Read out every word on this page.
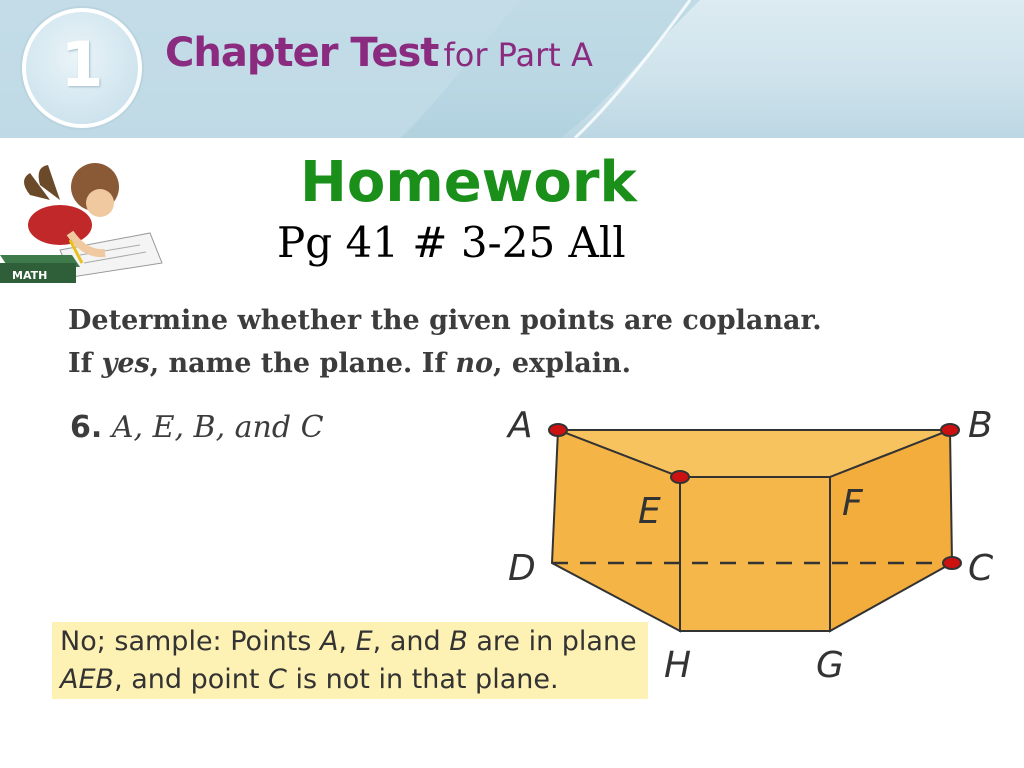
1	Chapter Test for Part A
MATH
Homework
Pg 41 # 3-25 All
Determine whether the given points are coplanar.
If yes, name the plane. If no, explain.
6. A, E, B, and C	A	B
C
D
E	F
G
H
No; sample: Points A, E, and B are in plane
AEB, and point C is not in that plane.
